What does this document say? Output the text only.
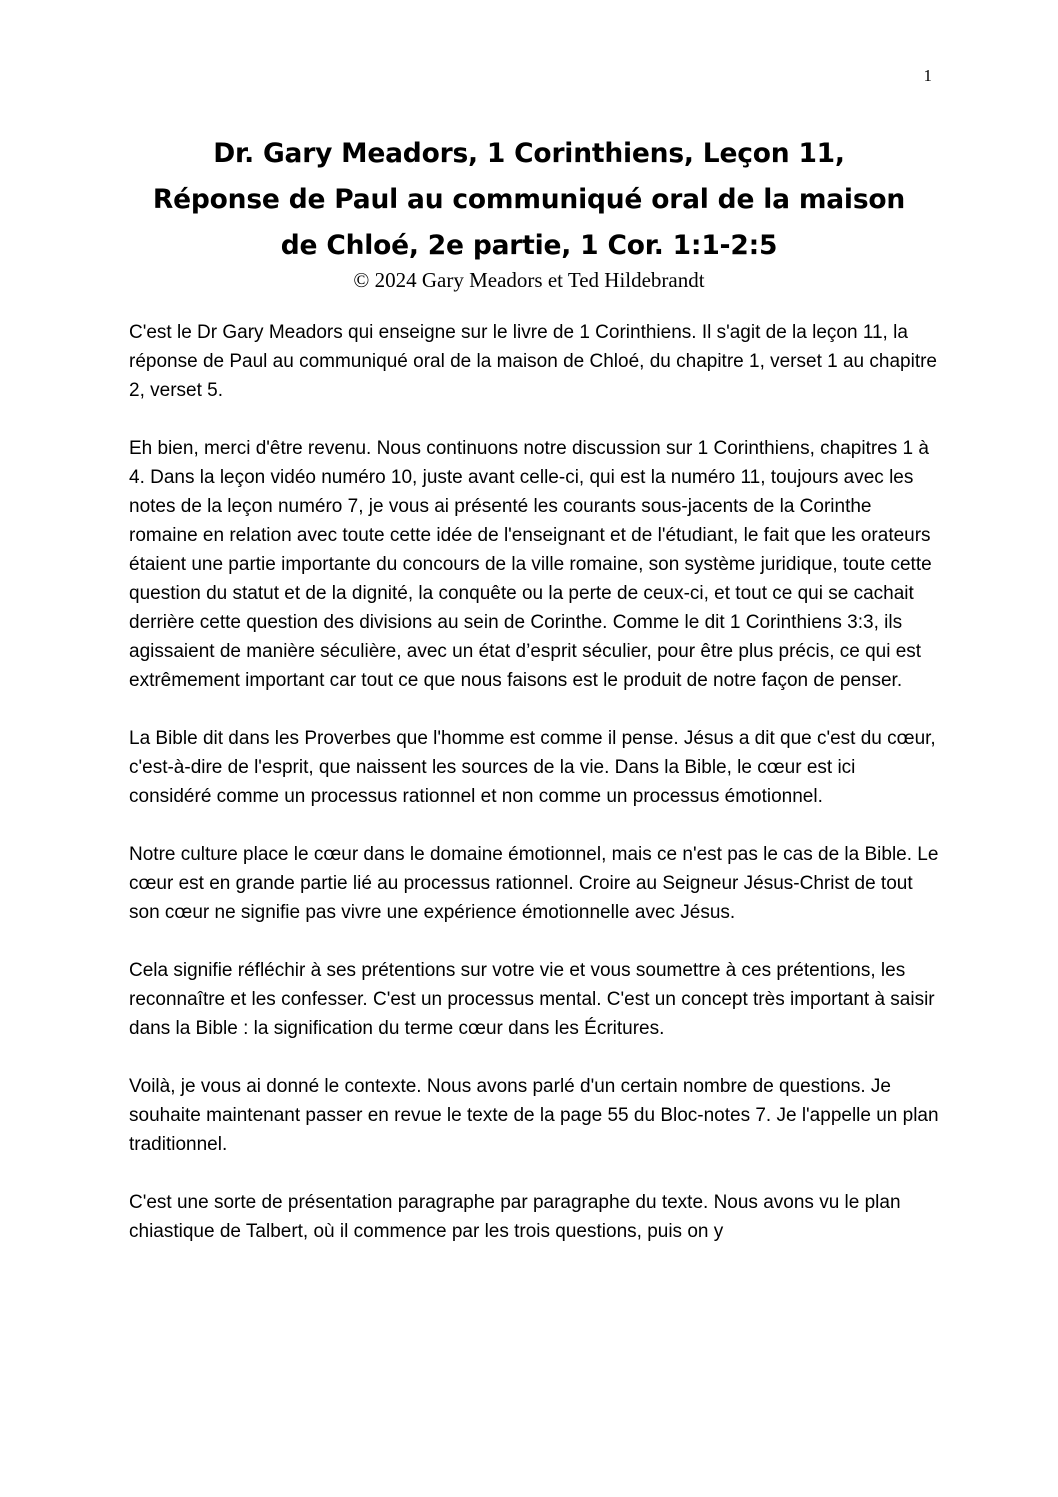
1
Dr. Gary Meadors, 1 Corinthiens, Leçon 11,
Réponse de Paul au communiqué oral de la maison
de Chloé, 2e partie, 1 Cor. 1:1-2:5
© 2024 Gary Meadors et Ted Hildebrandt

C'est le Dr Gary Meadors qui enseigne sur le livre de 1 Corinthiens. Il s'agit de la leçon 11, la réponse de Paul au communiqué oral de la maison de Chloé, du chapitre 1, verset 1 au chapitre 2, verset 5.

Eh bien, merci d'être revenu. Nous continuons notre discussion sur 1 Corinthiens, chapitres 1 à 4. Dans la leçon vidéo numéro 10, juste avant celle-ci, qui est la numéro 11, toujours avec les notes de la leçon numéro 7, je vous ai présenté les courants sous-jacents de la Corinthe romaine en relation avec toute cette idée de l'enseignant et de l'étudiant, le fait que les orateurs étaient une partie importante du concours de la ville romaine, son système juridique, toute cette question du statut et de la dignité, la conquête ou la perte de ceux-ci, et tout ce qui se cachait derrière cette question des divisions au sein de Corinthe. Comme le dit 1 Corinthiens 3:3, ils agissaient de manière séculière, avec un état d’esprit séculier, pour être plus précis, ce qui est extrêmement important car tout ce que nous faisons est le produit de notre façon de penser.

La Bible dit dans les Proverbes que l'homme est comme il pense. Jésus a dit que c'est du cœur, c'est-à-dire de l'esprit, que naissent les sources de la vie. Dans la Bible, le cœur est ici considéré comme un processus rationnel et non comme un processus émotionnel.

Notre culture place le cœur dans le domaine émotionnel, mais ce n'est pas le cas de la Bible. Le cœur est en grande partie lié au processus rationnel. Croire au Seigneur Jésus-Christ de tout son cœur ne signifie pas vivre une expérience émotionnelle avec Jésus.

Cela signifie réfléchir à ses prétentions sur votre vie et vous soumettre à ces prétentions, les reconnaître et les confesser. C'est un processus mental. C'est un concept très important à saisir dans la Bible : la signification du terme cœur dans les Écritures.

Voilà, je vous ai donné le contexte. Nous avons parlé d'un certain nombre de questions. Je souhaite maintenant passer en revue le texte de la page 55 du Bloc-notes 7. Je l'appelle un plan traditionnel.

C'est une sorte de présentation paragraphe par paragraphe du texte. Nous avons vu le plan chiastique de Talbert, où il commence par les trois questions, puis on y
